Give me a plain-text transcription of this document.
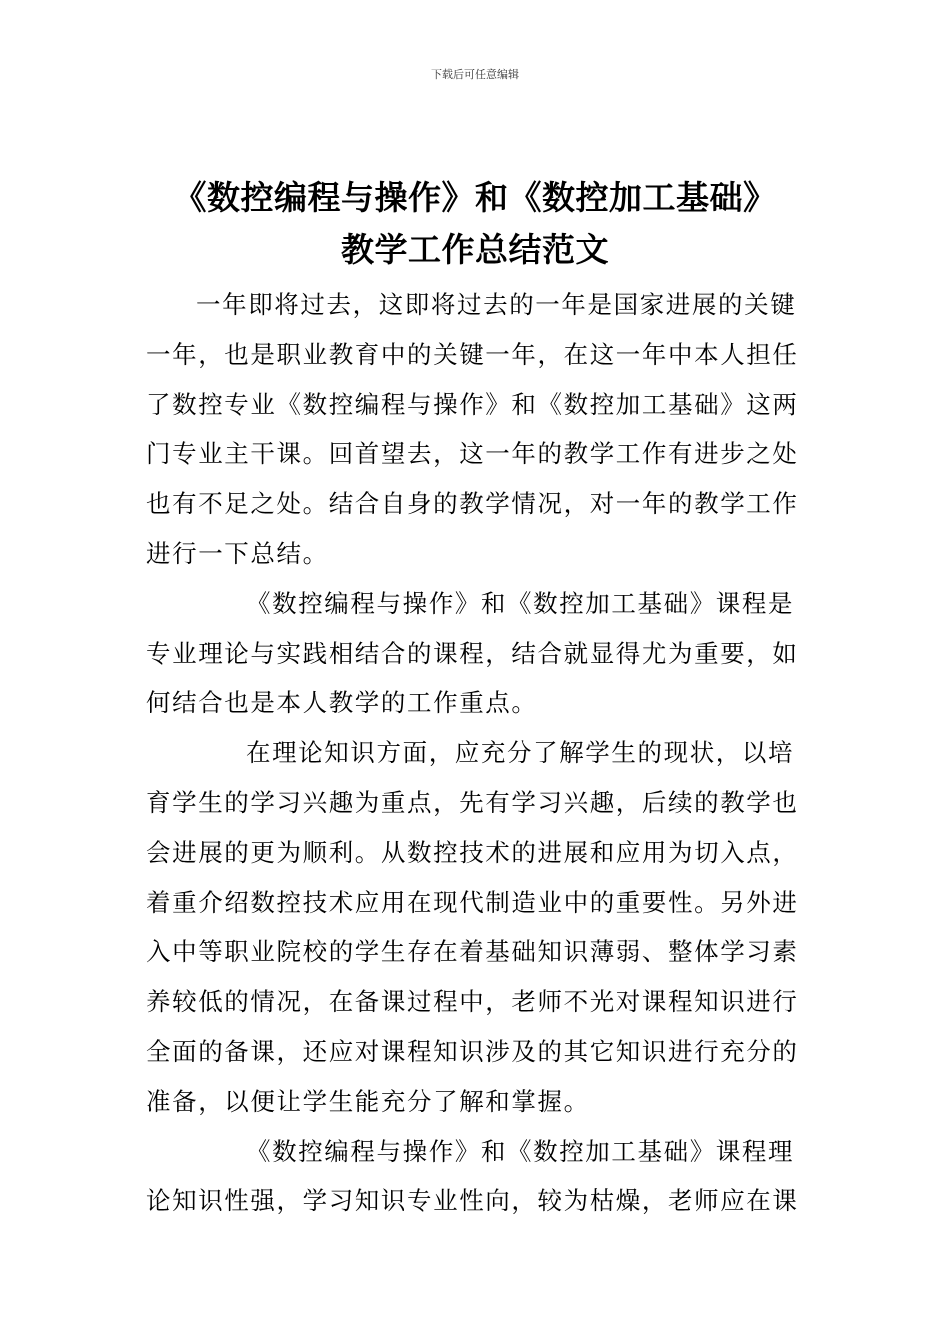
下载后可任意编辑
《数控编程与操作》和《数控加工基础》
教学工作总结范文
一年即将过去，这即将过去的一年是国家进展的关键
一年，也是职业教育中的关键一年，在这一年中本人担任
了数控专业《数控编程与操作》和《数控加工基础》这两
门专业主干课。回首望去，这一年的教学工作有进步之处
也有不足之处。结合自身的教学情况，对一年的教学工作
进行一下总结。
《数控编程与操作》和《数控加工基础》课程是
专业理论与实践相结合的课程，结合就显得尤为重要，如
何结合也是本人教学的工作重点。
在理论知识方面，应充分了解学生的现状，以培
育学生的学习兴趣为重点，先有学习兴趣，后续的教学也
会进展的更为顺利。从数控技术的进展和应用为切入点，
着重介绍数控技术应用在现代制造业中的重要性。另外进
入中等职业院校的学生存在着基础知识薄弱、整体学习素
养较低的情况，在备课过程中，老师不光对课程知识进行
全面的备课，还应对课程知识涉及的其它知识进行充分的
准备，以便让学生能充分了解和掌握。
《数控编程与操作》和《数控加工基础》课程理
论知识性强，学习知识专业性向，较为枯燥，老师应在课
